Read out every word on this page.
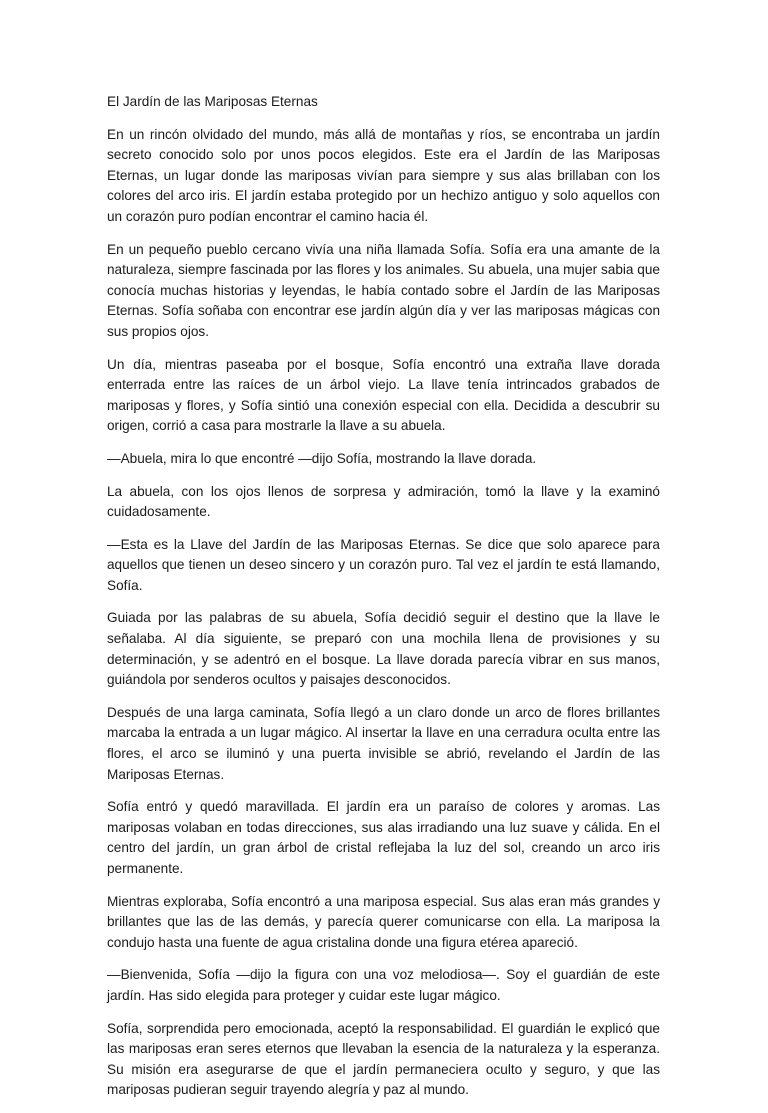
El Jardín de las Mariposas Eternas

En un rincón olvidado del mundo, más allá de montañas y ríos, se encontraba un jardín secreto conocido solo por unos pocos elegidos. Este era el Jardín de las Mariposas Eternas, un lugar donde las mariposas vivían para siempre y sus alas brillaban con los colores del arco iris. El jardín estaba protegido por un hechizo antiguo y solo aquellos con un corazón puro podían encontrar el camino hacia él.

En un pequeño pueblo cercano vivía una niña llamada Sofía. Sofía era una amante de la naturaleza, siempre fascinada por las flores y los animales. Su abuela, una mujer sabia que conocía muchas historias y leyendas, le había contado sobre el Jardín de las Mariposas Eternas. Sofía soñaba con encontrar ese jardín algún día y ver las mariposas mágicas con sus propios ojos.

Un día, mientras paseaba por el bosque, Sofía encontró una extraña llave dorada enterrada entre las raíces de un árbol viejo. La llave tenía intrincados grabados de mariposas y flores, y Sofía sintió una conexión especial con ella. Decidida a descubrir su origen, corrió a casa para mostrarle la llave a su abuela.

—Abuela, mira lo que encontré —dijo Sofía, mostrando la llave dorada.

La abuela, con los ojos llenos de sorpresa y admiración, tomó la llave y la examinó cuidadosamente.

—Esta es la Llave del Jardín de las Mariposas Eternas. Se dice que solo aparece para aquellos que tienen un deseo sincero y un corazón puro. Tal vez el jardín te está llamando, Sofía.

Guiada por las palabras de su abuela, Sofía decidió seguir el destino que la llave le señalaba. Al día siguiente, se preparó con una mochila llena de provisiones y su determinación, y se adentró en el bosque. La llave dorada parecía vibrar en sus manos, guiándola por senderos ocultos y paisajes desconocidos.

Después de una larga caminata, Sofía llegó a un claro donde un arco de flores brillantes marcaba la entrada a un lugar mágico. Al insertar la llave en una cerradura oculta entre las flores, el arco se iluminó y una puerta invisible se abrió, revelando el Jardín de las Mariposas Eternas.

Sofía entró y quedó maravillada. El jardín era un paraíso de colores y aromas. Las mariposas volaban en todas direcciones, sus alas irradiando una luz suave y cálida. En el centro del jardín, un gran árbol de cristal reflejaba la luz del sol, creando un arco iris permanente.

Mientras exploraba, Sofía encontró a una mariposa especial. Sus alas eran más grandes y brillantes que las de las demás, y parecía querer comunicarse con ella. La mariposa la condujo hasta una fuente de agua cristalina donde una figura etérea apareció.

—Bienvenida, Sofía —dijo la figura con una voz melodiosa—. Soy el guardián de este jardín. Has sido elegida para proteger y cuidar este lugar mágico.

Sofía, sorprendida pero emocionada, aceptó la responsabilidad. El guardián le explicó que las mariposas eran seres eternos que llevaban la esencia de la naturaleza y la esperanza. Su misión era asegurarse de que el jardín permaneciera oculto y seguro, y que las mariposas pudieran seguir trayendo alegría y paz al mundo.
